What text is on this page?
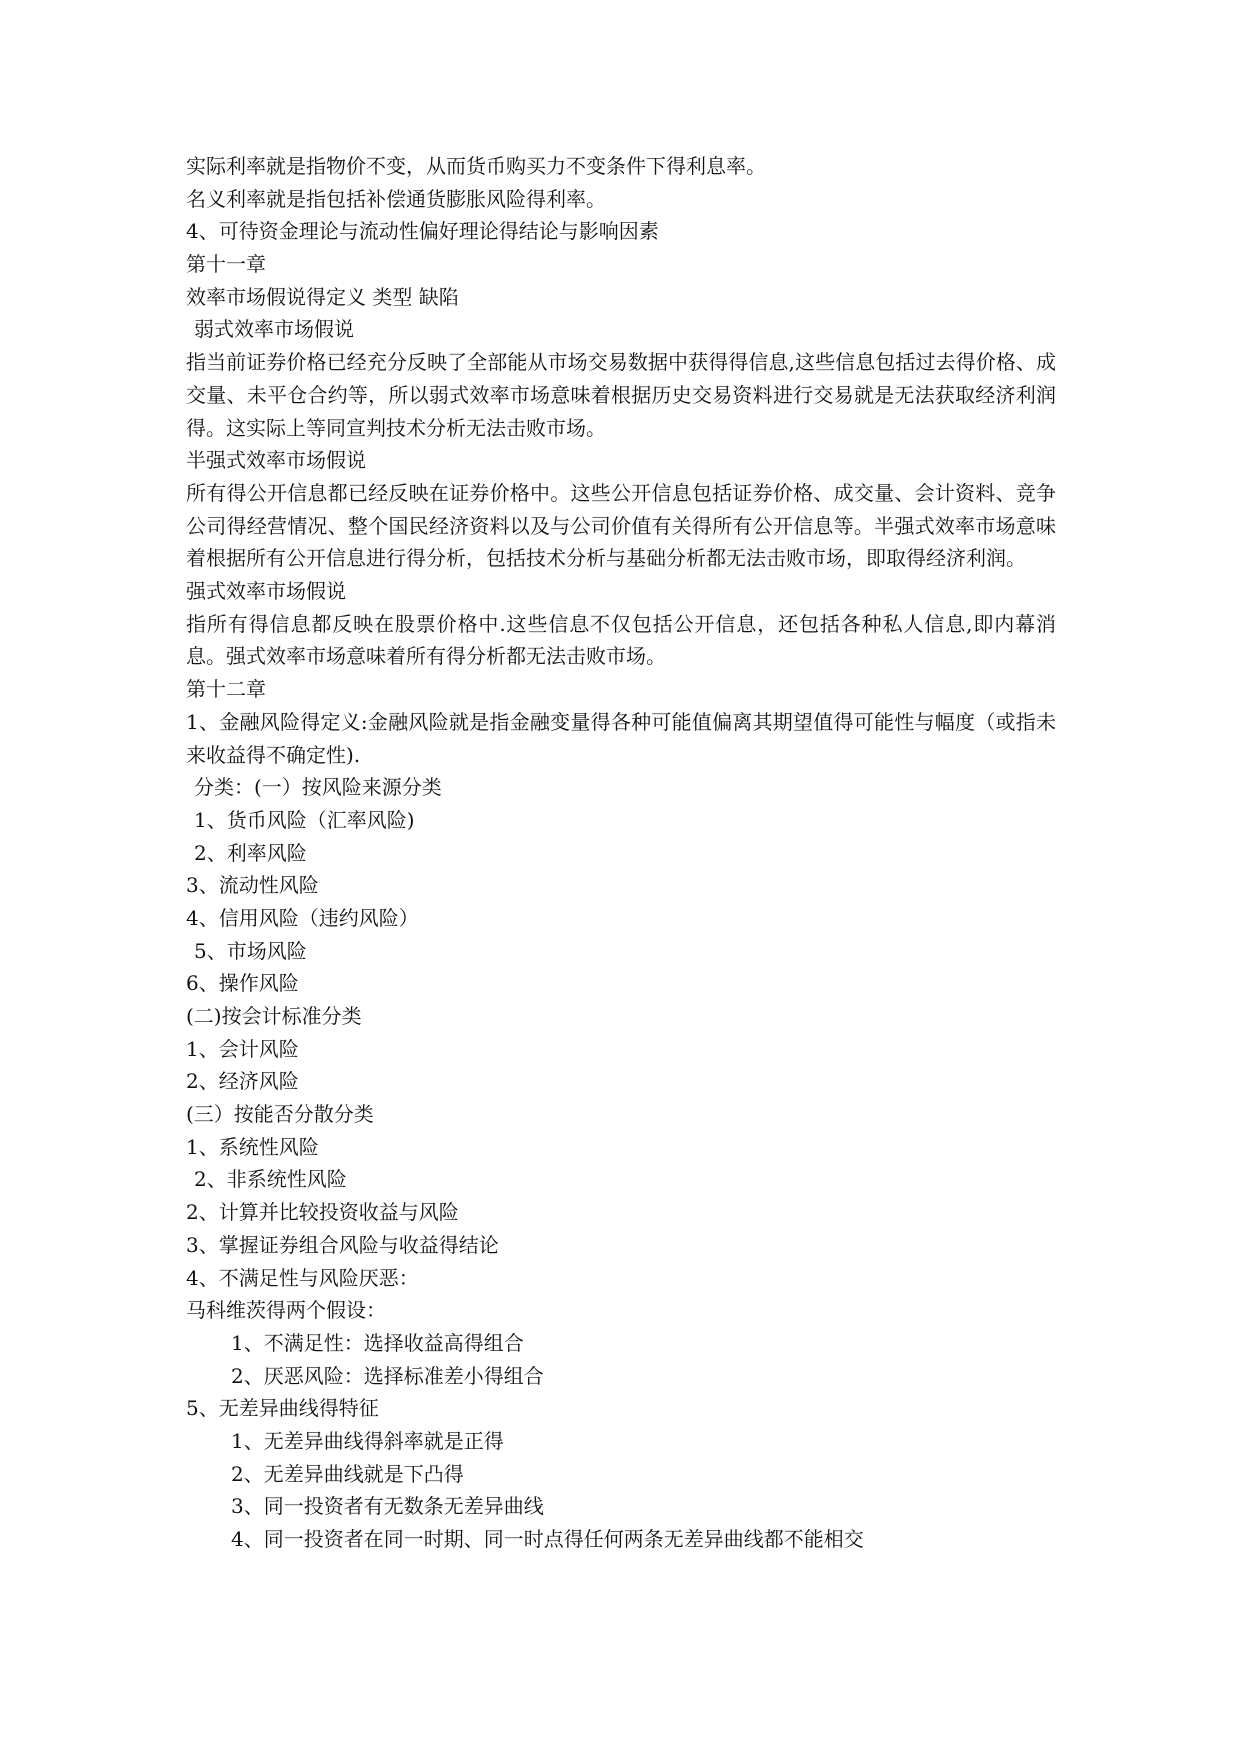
实际利率就是指物价不变，从而货币购买力不变条件下得利息率。
名义利率就是指包括补偿通货膨胀风险得利率。
4、可待资金理论与流动性偏好理论得结论与影响因素
第十一章
效率市场假说得定义 类型 缺陷
弱式效率市场假说
指当前证券价格已经充分反映了全部能从市场交易数据中获得得信息,这些信息包括过去得价格、成交量、未平仓合约等，所以弱式效率市场意味着根据历史交易资料进行交易就是无法获取经济利润得。这实际上等同宣判技术分析无法击败市场。
半强式效率市场假说
所有得公开信息都已经反映在证券价格中。这些公开信息包括证券价格、成交量、会计资料、竞争公司得经营情况、整个国民经济资料以及与公司价值有关得所有公开信息等。半强式效率市场意味着根据所有公开信息进行得分析，包括技术分析与基础分析都无法击败市场，即取得经济利润。
强式效率市场假说
指所有得信息都反映在股票价格中.这些信息不仅包括公开信息，还包括各种私人信息,即内幕消息。强式效率市场意味着所有得分析都无法击败市场。
第十二章
1、金融风险得定义:金融风险就是指金融变量得各种可能值偏离其期望值得可能性与幅度（或指未来收益得不确定性).
分类：(一）按风险来源分类
1、货币风险（汇率风险)
2、利率风险
3、流动性风险
4、信用风险（违约风险）
5、市场风险
6、操作风险
(二)按会计标准分类
1、会计风险
2、经济风险
(三）按能否分散分类
1、系统性风险
2、非系统性风险
2、计算并比较投资收益与风险
3、掌握证券组合风险与收益得结论
4、不满足性与风险厌恶：
马科维茨得两个假设：
1、不满足性：选择收益高得组合
2、厌恶风险：选择标准差小得组合
5、无差异曲线得特征
1、无差异曲线得斜率就是正得
2、无差异曲线就是下凸得
3、同一投资者有无数条无差异曲线
4、同一投资者在同一时期、同一时点得任何两条无差异曲线都不能相交
